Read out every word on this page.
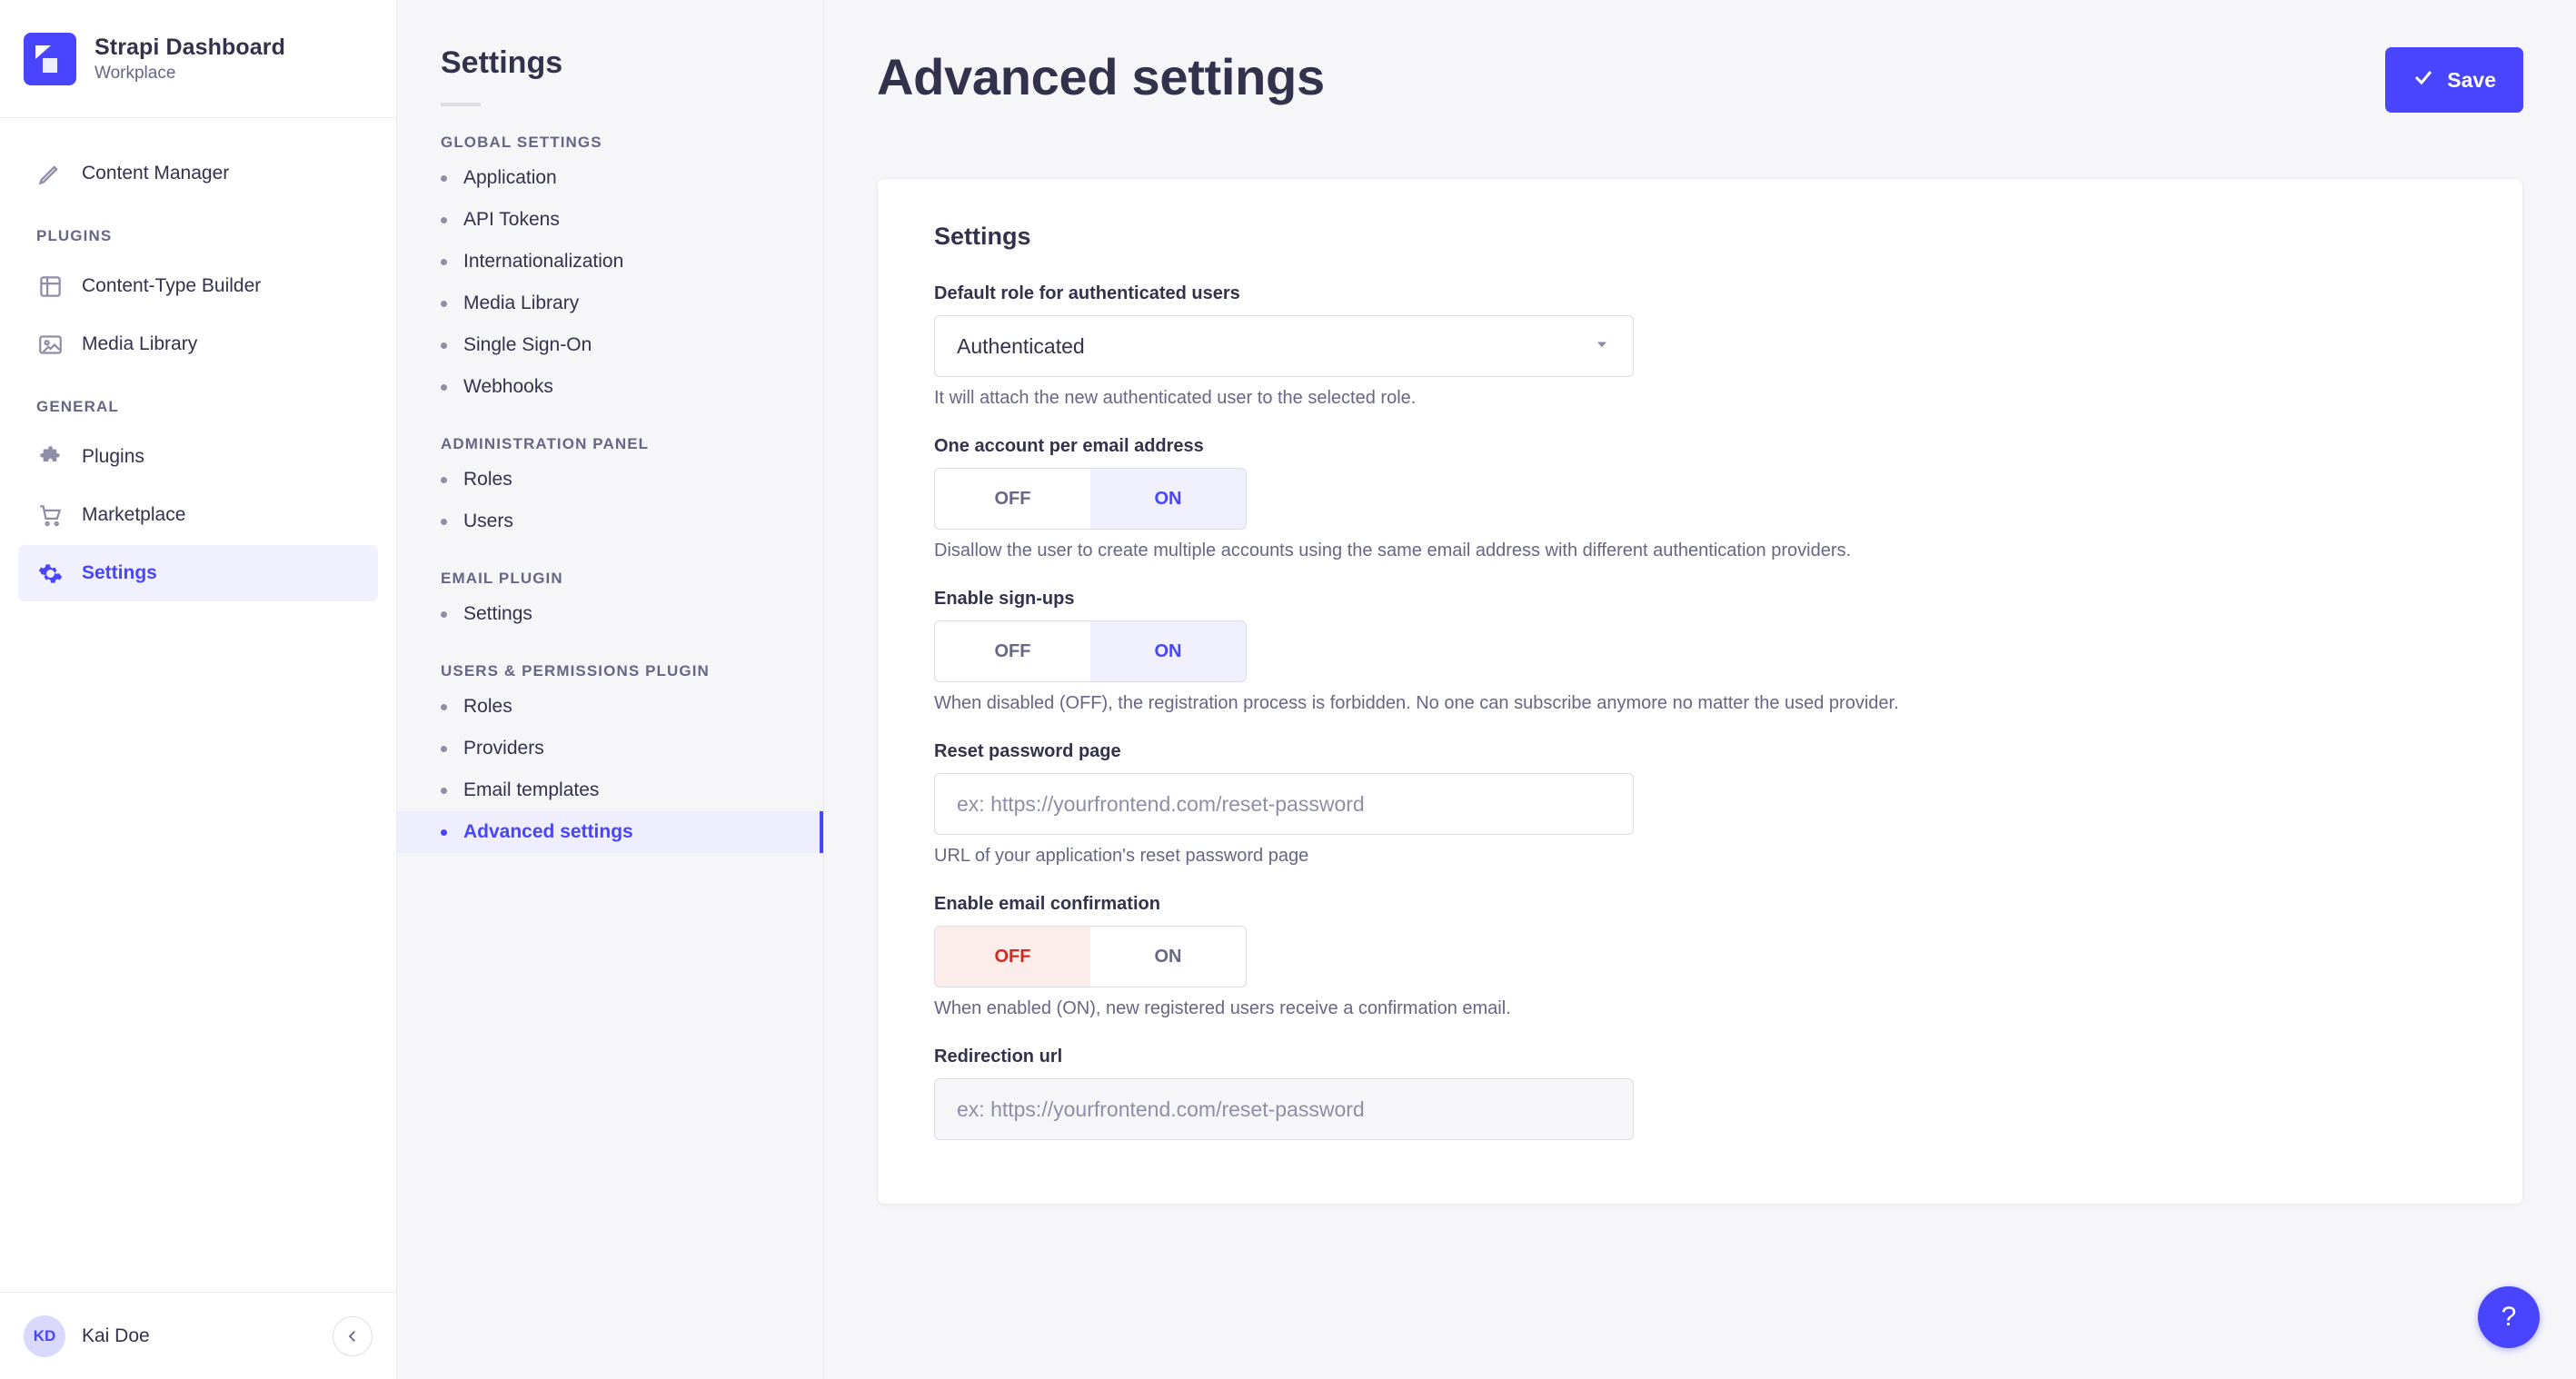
Strapi Dashboard
Workplace
Content Manager
PLUGINS
Content-Type Builder
Media Library
GENERAL
Plugins
Marketplace
Settings
KD	Kai Doe
Settings
GLOBAL SETTINGS
Application
API Tokens
Internationalization
Media Library
Single Sign-On
Webhooks
ADMINISTRATION PANEL
Roles
Users
EMAIL PLUGIN
Settings
USERS & PERMISSIONS PLUGIN
Roles
Providers
Email templates
Advanced settings
Advanced settings	Save
Settings
Default role for authenticated users
Authenticated
It will attach the new authenticated user to the selected role.
One account per email address
OFF	ON
Disallow the user to create multiple accounts using the same email address with different authentication providers.
Enable sign-ups
OFF	ON
When disabled (OFF), the registration process is forbidden. No one can subscribe anymore no matter the used provider.
Reset password page
ex: https://yourfrontend.com/reset-password
URL of your application's reset password page
Enable email confirmation
OFF	ON
When enabled (ON), new registered users receive a confirmation email.
Redirection url
ex: https://yourfrontend.com/reset-password
?
